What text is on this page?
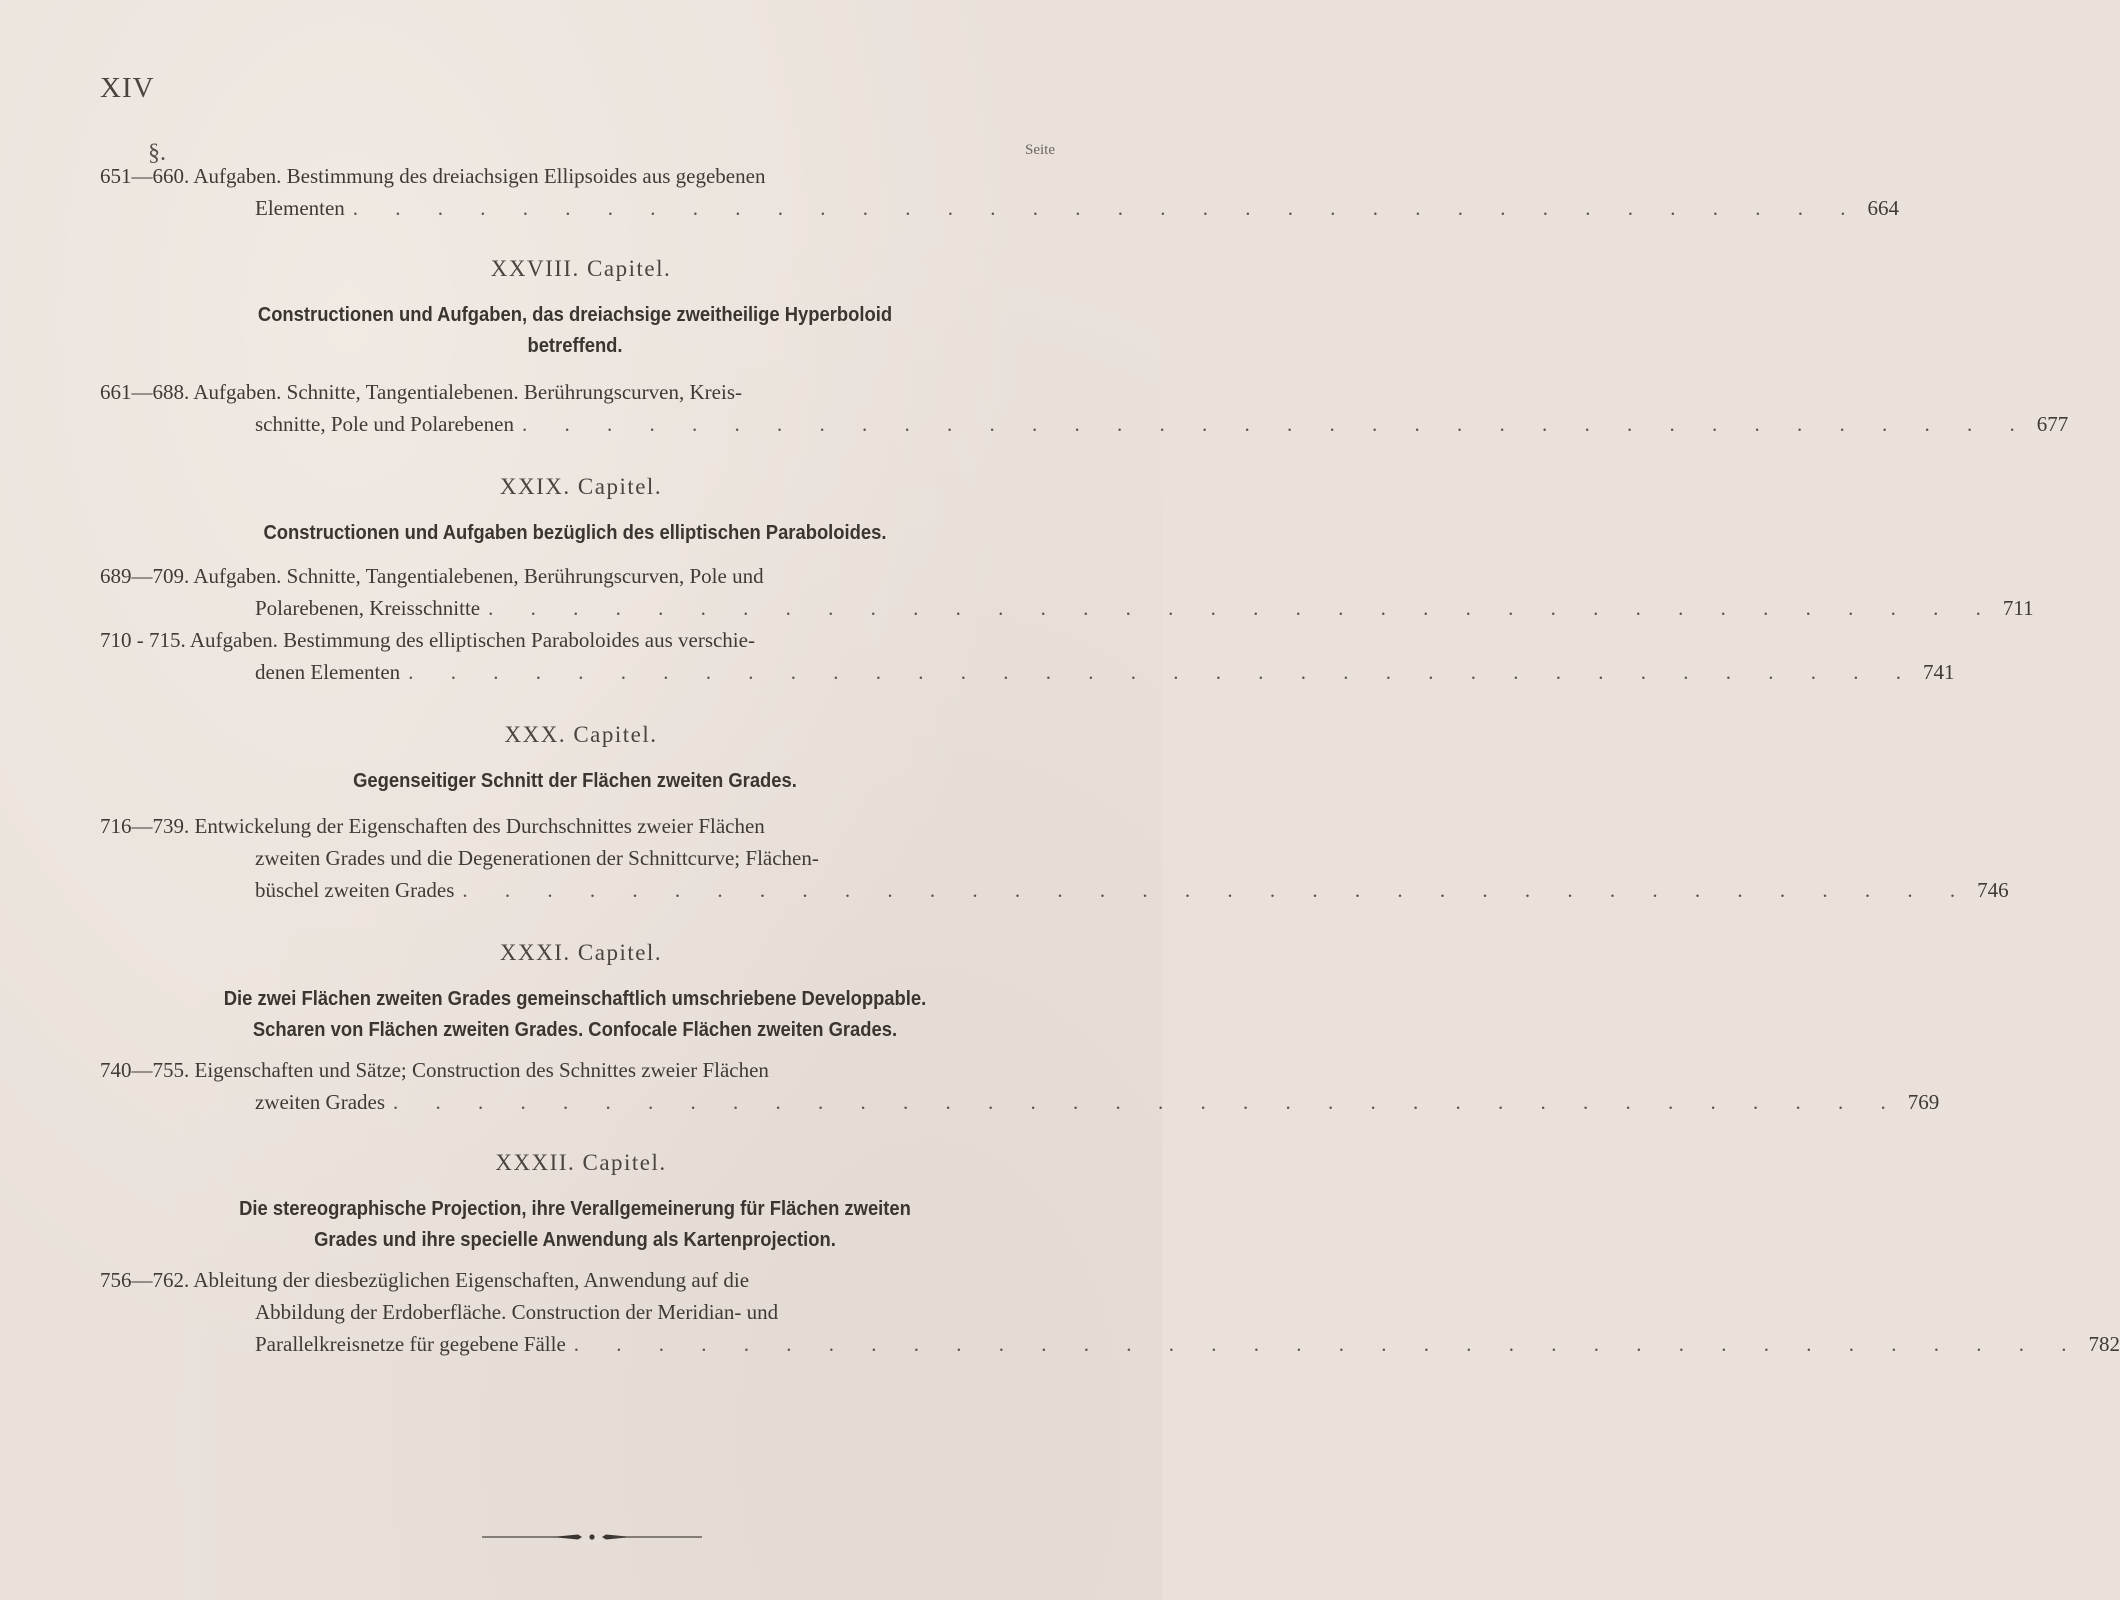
XIV
§.	Seite
651—660. Aufgaben. Bestimmung des dreiachsigen Ellipsoides aus gegebenen
Elementen . . . . . . . . . . . . . . . . . . . . . . . . . . . . . . . . . . . . 664
XXVIII. Capitel.
Constructionen und Aufgaben, das dreiachsige zweitheilige Hyperboloid
betreffend.
661—688. Aufgaben. Schnitte, Tangentialebenen. Berührungscurven, Kreis-
schnitte, Pole und Polarebenen . . . . . . . . . . . . . . . . . . . . . . . . . . . . . . . . . . . . 677
XXIX. Capitel.
Constructionen und Aufgaben bezüglich des elliptischen Paraboloides.
689—709. Aufgaben. Schnitte, Tangentialebenen, Berührungscurven, Pole und
Polarebenen, Kreisschnitte . . . . . . . . . . . . . . . . . . . . . . . . . . . . . . . . . . . . 711
710 - 715. Aufgaben. Bestimmung des elliptischen Paraboloides aus verschie-
denen Elementen . . . . . . . . . . . . . . . . . . . . . . . . . . . . . . . . . . . . 741
XXX. Capitel.
Gegenseitiger Schnitt der Flächen zweiten Grades.
716—739. Entwickelung der Eigenschaften des Durchschnittes zweier Flächen
zweiten Grades und die Degenerationen der Schnittcurve; Flächen-
büschel zweiten Grades . . . . . . . . . . . . . . . . . . . . . . . . . . . . . . . . . . . . 746
XXXI. Capitel.
Die zwei Flächen zweiten Grades gemeinschaftlich umschriebene Developpable.
Scharen von Flächen zweiten Grades. Confocale Flächen zweiten Grades.
740—755. Eigenschaften und Sätze; Construction des Schnittes zweier Flächen
zweiten Grades . . . . . . . . . . . . . . . . . . . . . . . . . . . . . . . . . . . . 769
XXXII. Capitel.
Die stereographische Projection, ihre Verallgemeinerung für Flächen zweiten
Grades und ihre specielle Anwendung als Kartenprojection.
756—762. Ableitung der diesbezüglichen Eigenschaften, Anwendung auf die
Abbildung der Erdoberfläche. Construction der Meridian- und
Parallelkreisnetze für gegebene Fälle . . . . . . . . . . . . . . . . . . . . . . . . . . . . . . . . . . . . 782
